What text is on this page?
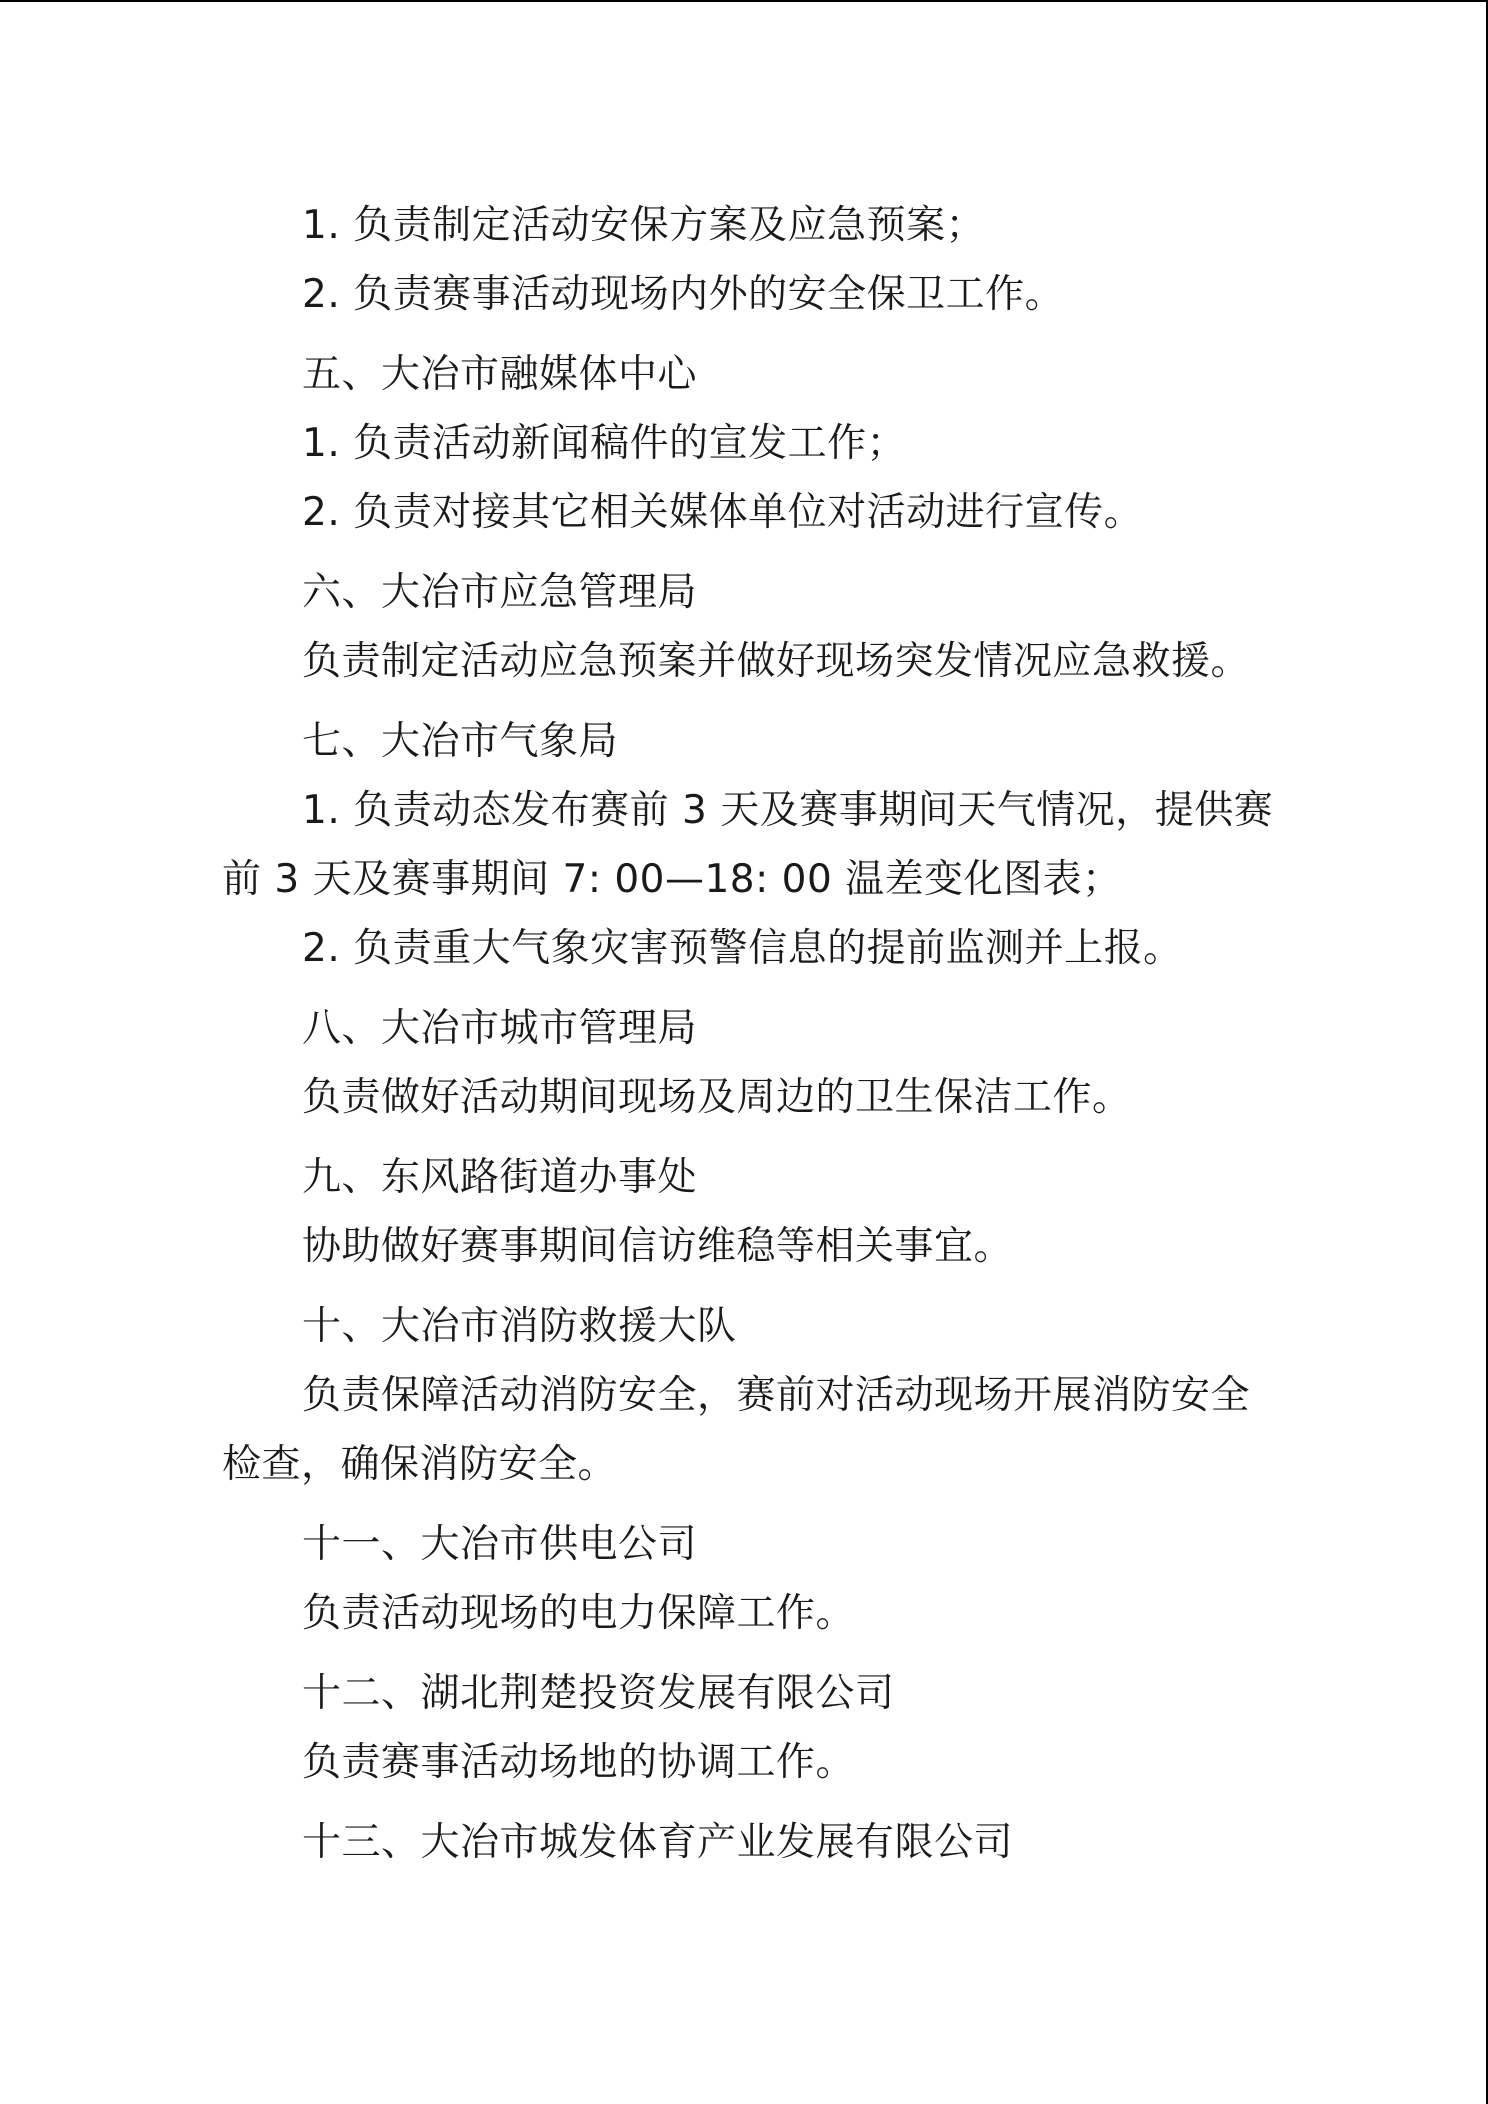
1. 负责制定活动安保方案及应急预案；
2. 负责赛事活动现场内外的安全保卫工作。
五、大冶市融媒体中心
1. 负责活动新闻稿件的宣发工作；
2. 负责对接其它相关媒体单位对活动进行宣传。
六、大冶市应急管理局
负责制定活动应急预案并做好现场突发情况应急救援。
七、大冶市气象局
1. 负责动态发布赛前 3 天及赛事期间天气情况，提供赛
前 3 天及赛事期间 7: 00—18: 00 温差变化图表；
2. 负责重大气象灾害预警信息的提前监测并上报。
八、大冶市城市管理局
负责做好活动期间现场及周边的卫生保洁工作。
九、东风路街道办事处
协助做好赛事期间信访维稳等相关事宜。
十、大冶市消防救援大队
负责保障活动消防安全，赛前对活动现场开展消防安全
检查，确保消防安全。
十一、大冶市供电公司
负责活动现场的电力保障工作。
十二、湖北荆楚投资发展有限公司
负责赛事活动场地的协调工作。
十三、大冶市城发体育产业发展有限公司
